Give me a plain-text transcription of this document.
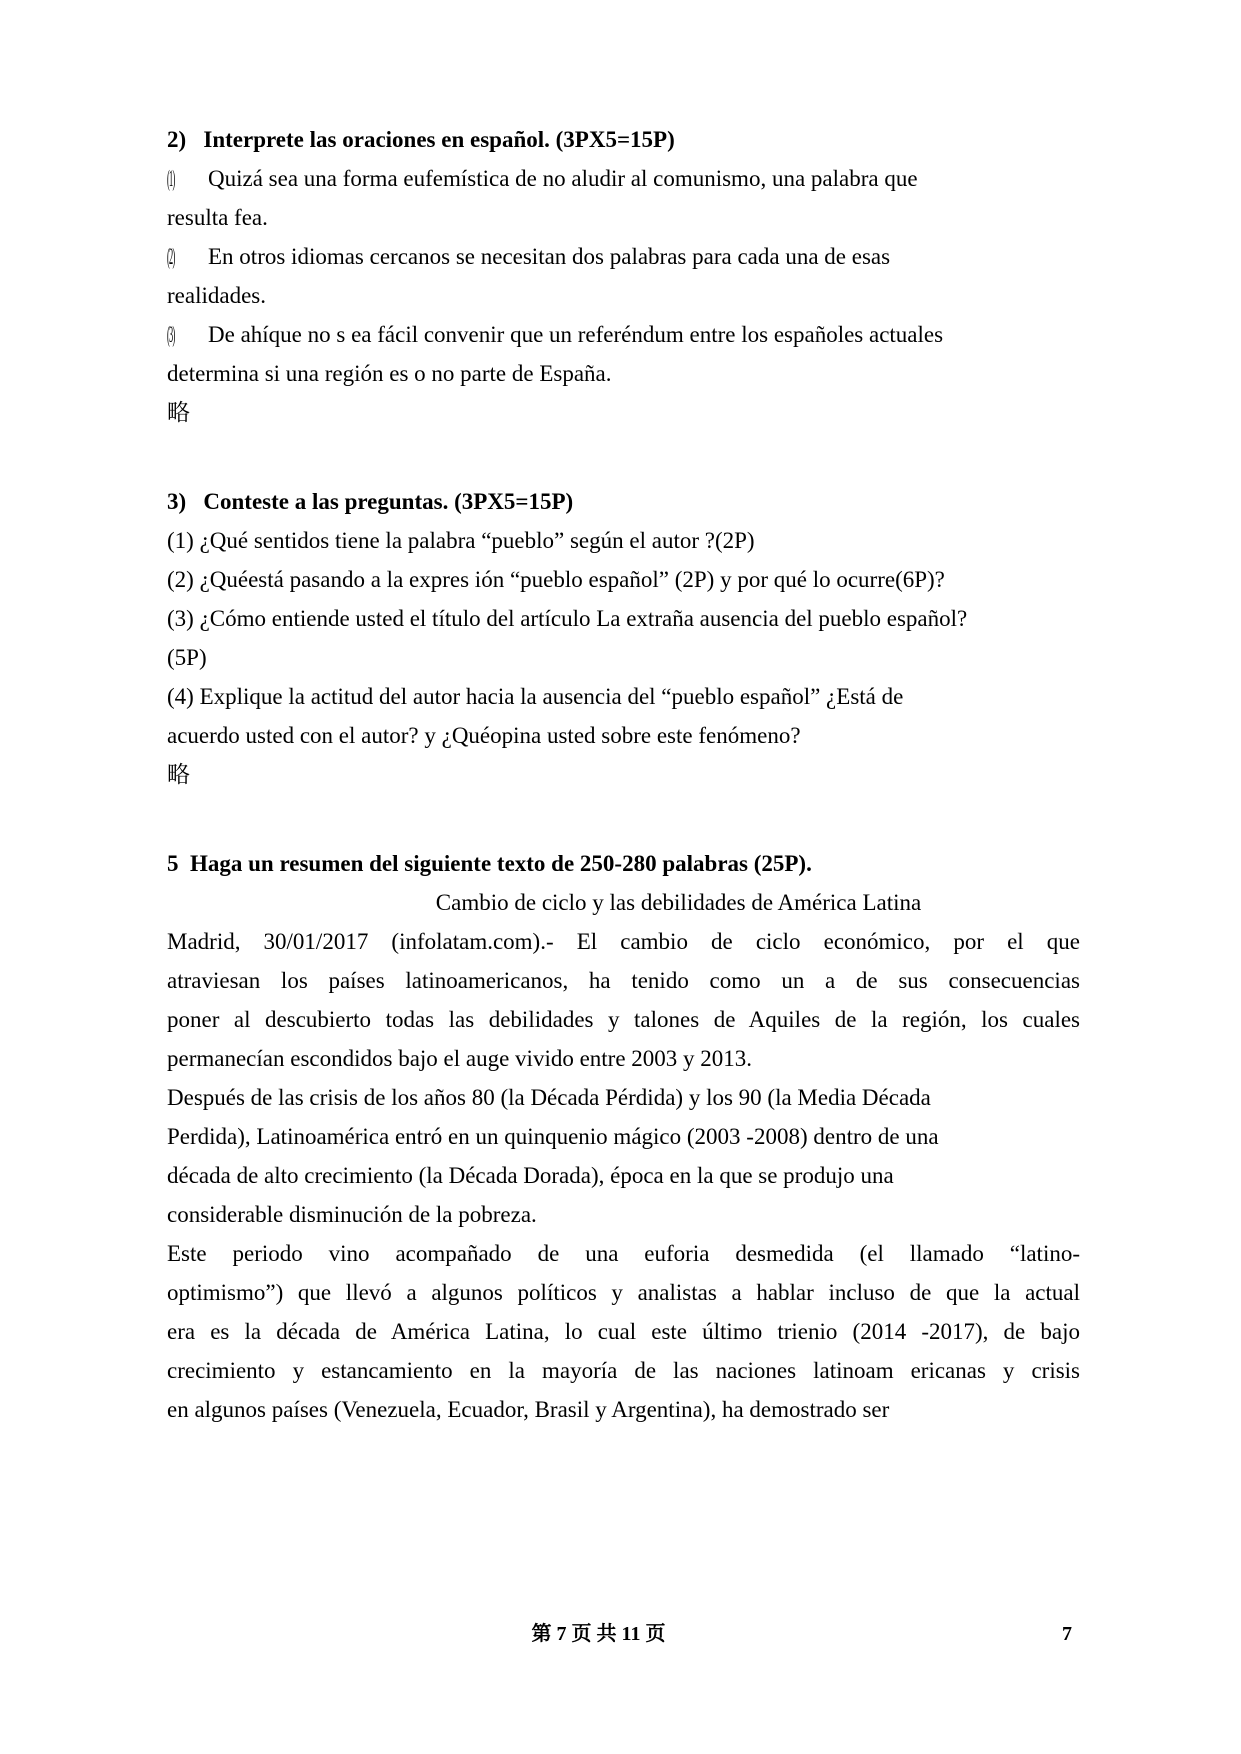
2)   Interprete las oraciones en español. (3PX5=15P)
(1) Quizá sea una forma eufemística de no aludir al comunismo, una palabra que
resulta fea.
(2) En otros idiomas cercanos se necesitan dos palabras para cada una de esas
realidades.
(3) De ahíque no s ea fácil convenir que un referéndum entre los españoles actuales
determina si una región es o no parte de España.
略
3)   Conteste a las preguntas. (3PX5=15P)
(1) ¿Qué sentidos tiene la palabra “pueblo” según el autor ?(2P)
(2) ¿Quéestá pasando a la expres ión “pueblo español” (2P) y por qué lo ocurre(6P)?
(3) ¿Cómo entiende usted el título del artículo La extraña ausencia del pueblo español?
(5P)
(4) Explique la actitud del autor hacia la ausencia del “pueblo español” ¿Está de
acuerdo usted con el autor? y ¿Quéopina usted sobre este fenómeno?
略
5  Haga un resumen del siguiente texto de 250-280 palabras (25P).
Cambio de ciclo y las debilidades de América Latina
Madrid, 30/01/2017 (infolatam.com).- El cambio de ciclo económico, por el que
atraviesan los países latinoamericanos, ha tenido como un a de sus consecuencias
poner al descubierto todas las debilidades y talones de Aquiles de la región, los cuales
permanecían escondidos bajo el auge vivido entre 2003 y 2013.
Después de las crisis de los años 80 (la Década Pérdida) y los 90 (la Media Década
Perdida), Latinoamérica entró en un quinquenio mágico (2003 -2008) dentro de una
década de alto crecimiento (la Década Dorada), época en la que se produjo una
considerable disminución de la pobreza.
Este periodo vino acompañado de una euforia desmedida (el llamado “latino-
optimismo”) que llevó a algunos políticos y analistas a hablar incluso de que la actual
era es la década de América Latina, lo cual este último trienio (2014 -2017), de bajo
crecimiento y estancamiento en la mayoría de las naciones latinoam ericanas y crisis
en algunos países (Venezuela, Ecuador, Brasil y Argentina), ha demostrado ser
第 7 页 共 11 页	7
